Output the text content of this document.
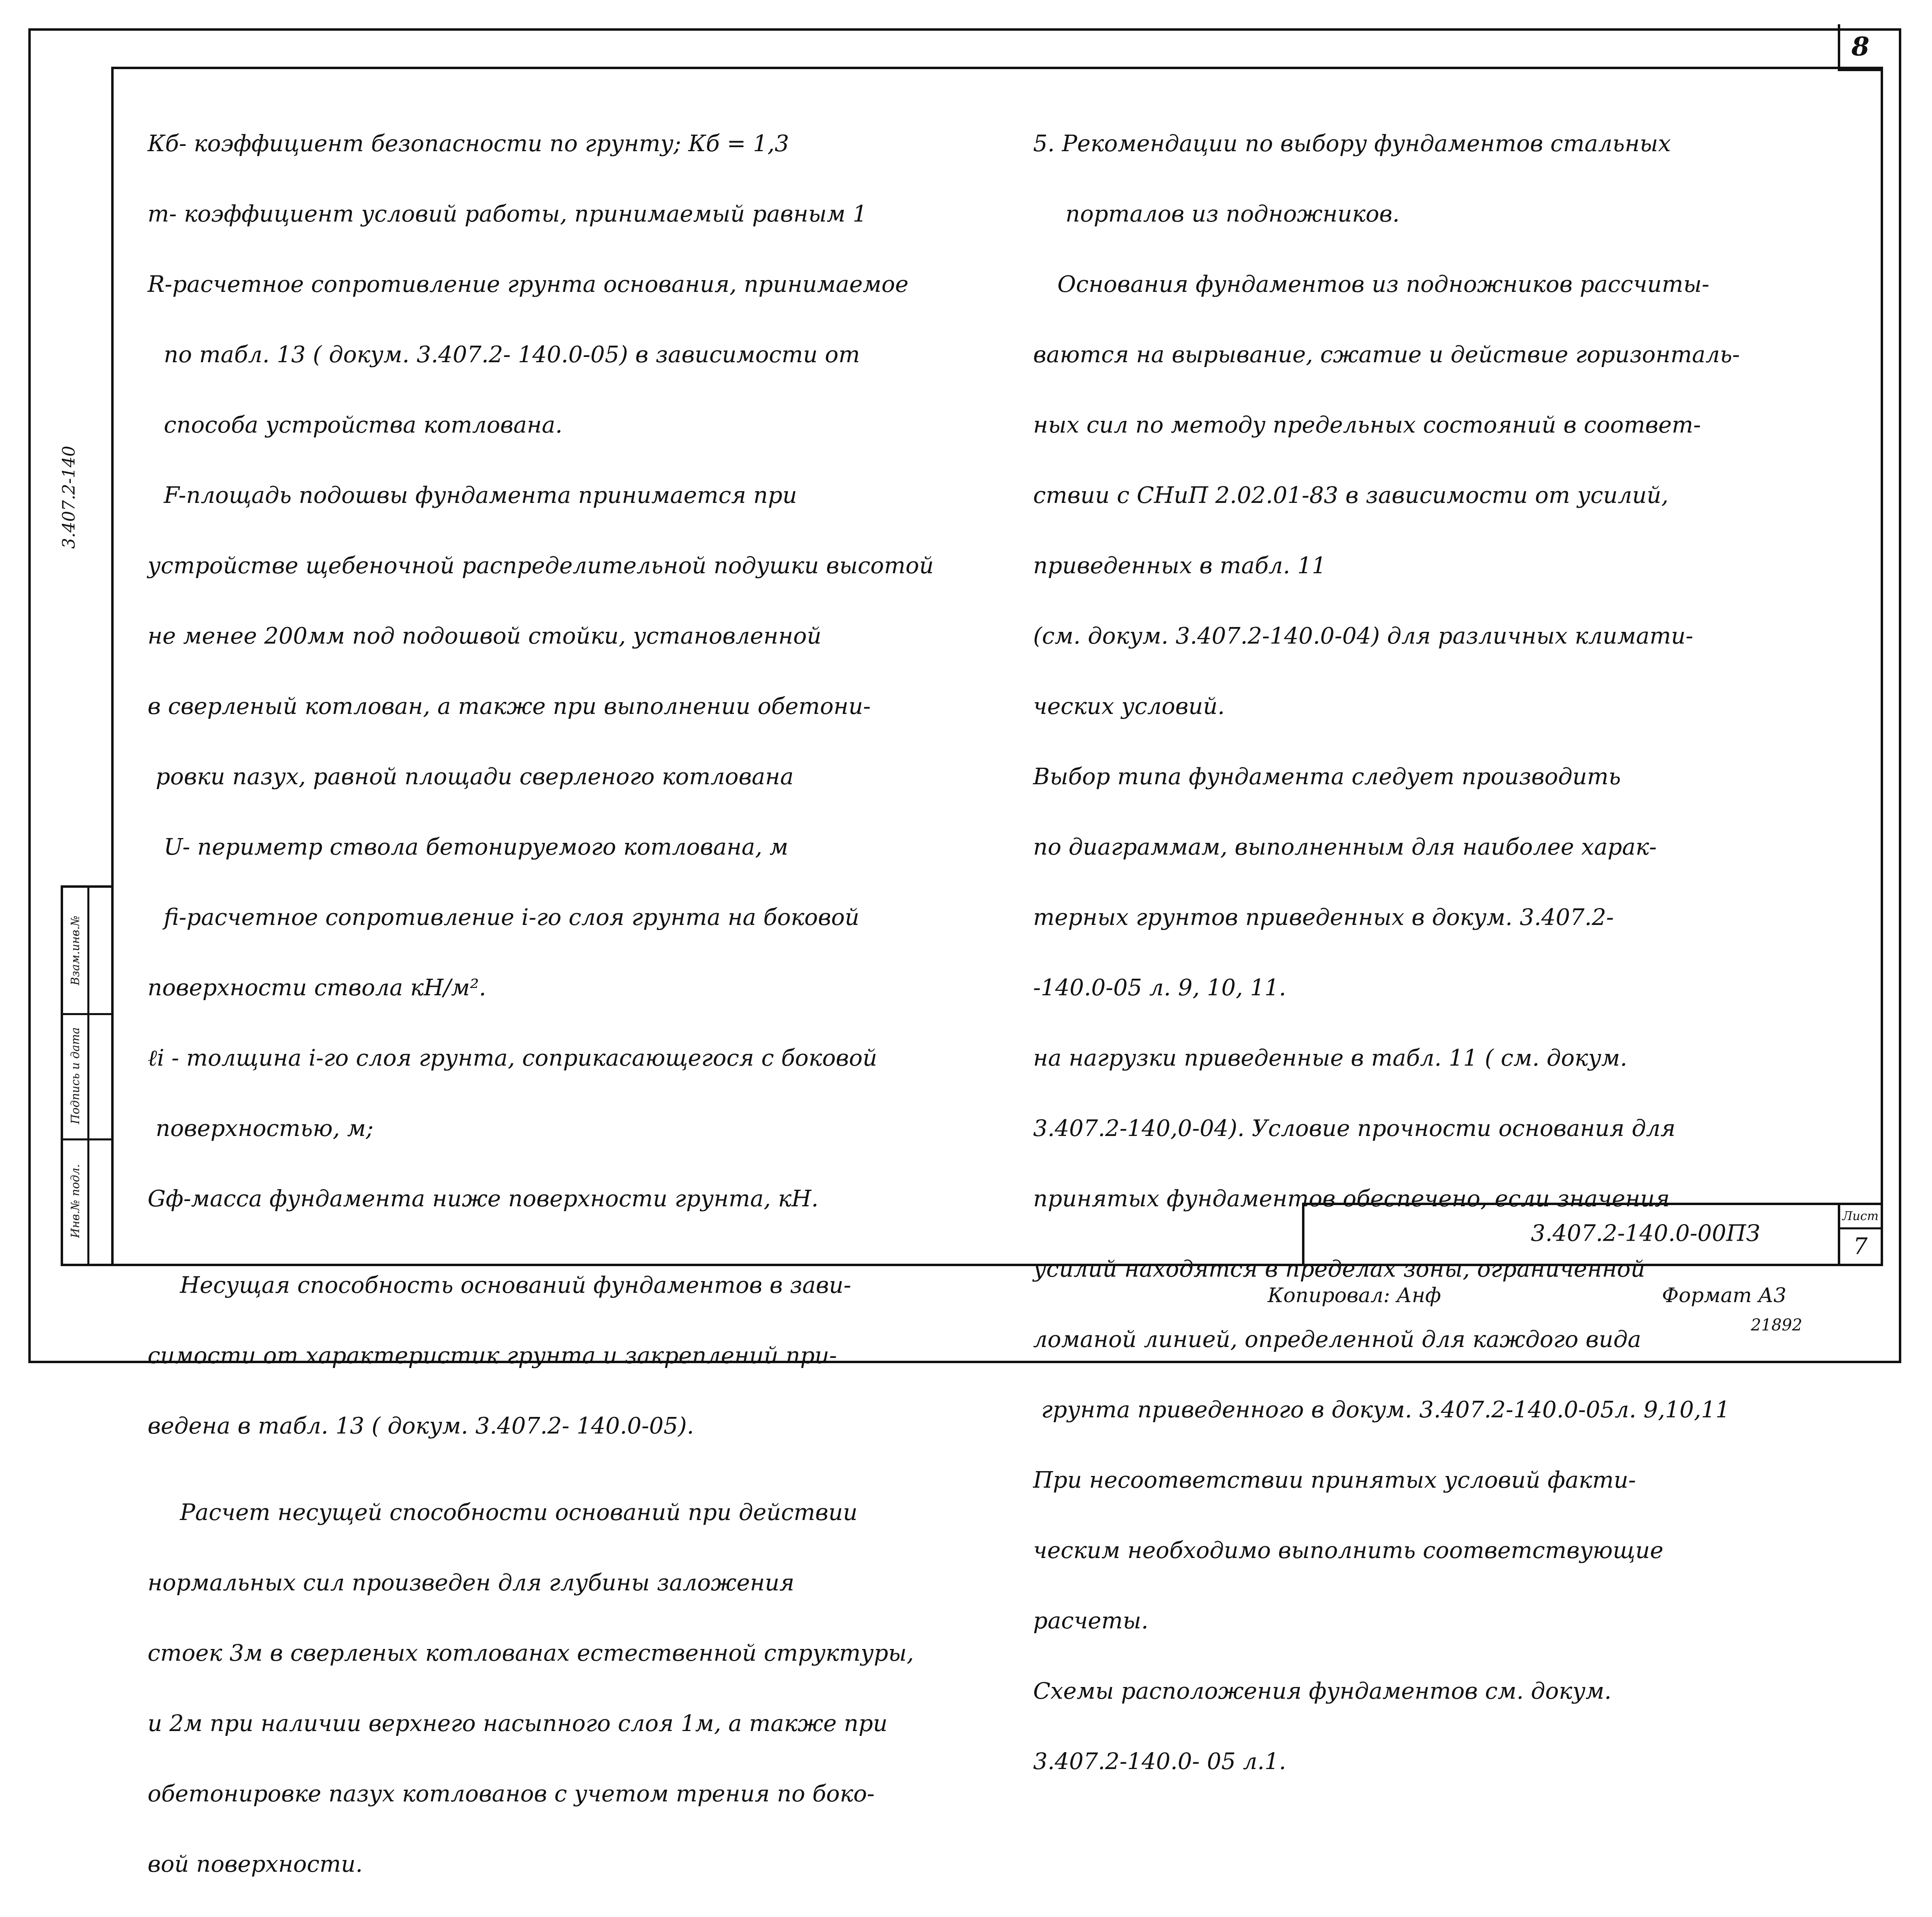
8
3.407.2-140
Инв.№ подл.
Подпись и дата
Взам.инв.№

Кб- коэффициент безопасности по грунту; Кб = 1,3

m- коэффициент условий работы, принимаемый равным 1

R-расчетное сопротивление грунта основания, принимаемое

по табл. 13 ( докум. 3.407.2- 140.0-05) в зависимости от

способа устройства котлована.

F-площадь подошвы фундамента принимается при

устройстве щебеночной распределительной подушки высотой

не менее 200мм под подошвой стойки, установленной

в сверленый котлован, а также при выполнении обетони-

ровки пазух, равной площади сверленого котлована

U- периметр ствола бетонируемого котлована, м

fi-расчетное сопротивление i-го слоя грунта на боковой

поверхности ствола кН/м².

ℓi - толщина i-го слоя грунта, соприкасающегося с боковой

поверхностью, м;

Gф-масса фундамента ниже поверхности грунта, кН.

Несущая способность оснований фундаментов в зави-

симости от характеристик грунта и закреплений при-

ведена в табл. 13 ( докум. 3.407.2- 140.0-05).

Расчет несущей способности оснований при действии

нормальных сил произведен для глубины заложения

стоек 3м в сверленых котлованах естественной структуры,

и 2м при наличии верхнего насыпного слоя 1м, а также при

обетонировке пазух котлованов с учетом трения по боко-

вой поверхности.

5. Рекомендации по выбору фундаментов стальных

порталов из подножников.

Основания фундаментов из подножников рассчиты-

ваются на вырывание, сжатие и действие горизонталь-

ных сил по методу предельных состояний в соответ-

ствии с СНиП 2.02.01-83 в зависимости от усилий,

приведенных в табл. 11

(см. докум. 3.407.2-140.0-04) для различных климати-

ческих условий.

Выбор типа фундамента следует производить

по диаграммам, выполненным для наиболее харак-

терных грунтов приведенных в докум. 3.407.2-

-140.0-05 л. 9, 10, 11.

на нагрузки приведенные в табл. 11 ( см. докум.

3.407.2-140,0-04). Условие прочности основания для

принятых фундаментов обеспечено, если значения

усилий находятся в пределах зоны, ограниченной

ломаной линией, определенной для каждого вида

грунта приведенного в докум. 3.407.2-140.0-05л. 9,10,11

При несоответствии принятых условий факти-

ческим необходимо выполнить соответствующие

расчеты.

Схемы расположения фундаментов см. докум.

3.407.2-140.0- 05 л.1.

3.407.2-140.0-00ПЗ
Лист
7
Копировал: Анф	Формат А3
21892
